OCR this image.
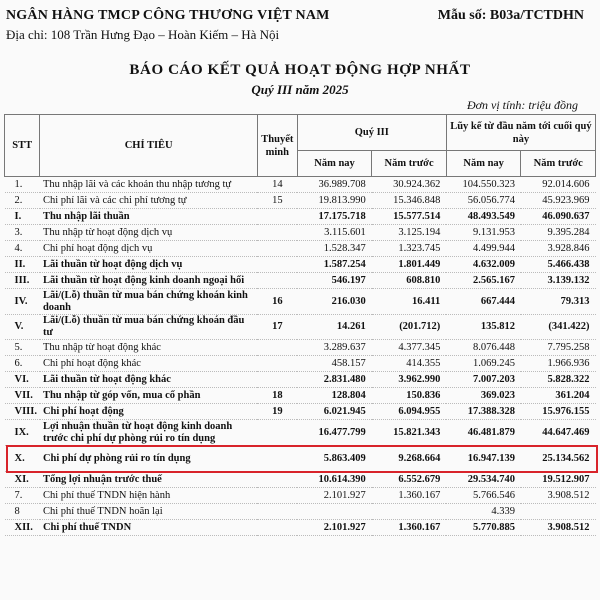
NGÂN HÀNG TMCP CÔNG THƯƠNG VIỆT NAM
Địa chỉ: 108 Trần Hưng Đạo – Hoàn Kiếm – Hà Nội
Mẫu số: B03a/TCTDHN
BÁO CÁO KẾT QUẢ HOẠT ĐỘNG HỢP NHẤT
Quý III năm 2025
Đơn vị tính: triệu đồng
STT	CHỈ TIÊU	Thuyết minh	Quý III		Lũy kế từ đầu năm tới cuối quý này	
			Năm nay	Năm trước	Năm nay	Năm trước
1.	Thu nhập lãi và các khoản thu nhập tương tự	14	36.989.708	30.924.362	104.550.323	92.014.606
2.	Chi phí lãi và các chi phí tương tự	15	19.813.990	15.346.848	56.056.774	45.923.969
I.	Thu nhập lãi thuần		17.175.718	15.577.514	48.493.549	46.090.637
3.	Thu nhập từ hoạt động dịch vụ		3.115.601	3.125.194	9.131.953	9.395.284
4.	Chi phí hoạt động dịch vụ		1.528.347	1.323.745	4.499.944	3.928.846
II.	Lãi thuần từ hoạt động dịch vụ		1.587.254	1.801.449	4.632.009	5.466.438
III.	Lãi thuần từ hoạt động kinh doanh ngoại hối		546.197	608.810	2.565.167	3.139.132
IV.	Lãi/(Lỗ) thuần từ mua bán chứng khoán kinh doanh	16	216.030	16.411	667.444	79.313
V.	Lãi/(Lỗ) thuần từ mua bán chứng khoán đầu tư	17	14.261	(201.712)	135.812	(341.422)
5.	Thu nhập từ hoạt động khác		3.289.637	4.377.345	8.076.448	7.795.258
6.	Chi phí hoạt động khác		458.157	414.355	1.069.245	1.966.936
VI.	Lãi thuần từ hoạt động khác		2.831.480	3.962.990	7.007.203	5.828.322
VII.	Thu nhập từ góp vốn, mua cổ phần	18	128.804	150.836	369.023	361.204
VIII.	Chi phí hoạt động	19	6.021.945	6.094.955	17.388.328	15.976.155
IX.	Lợi nhuận thuần từ hoạt động kinh doanh trước chi phí dự phòng rủi ro tín dụng		16.477.799	15.821.343	46.481.879	44.647.469
X.	Chi phí dự phòng rủi ro tín dụng		5.863.409	9.268.664	16.947.139	25.134.562
XI.	Tổng lợi nhuận trước thuế		10.614.390	6.552.679	29.534.740	19.512.907
7.	Chi phí thuế TNDN hiện hành		2.101.927	1.360.167	5.766.546	3.908.512
8	Chi phí thuế TNDN hoãn lại				4.339	
XII.	Chi phí thuế TNDN		2.101.927	1.360.167	5.770.885	3.908.512
